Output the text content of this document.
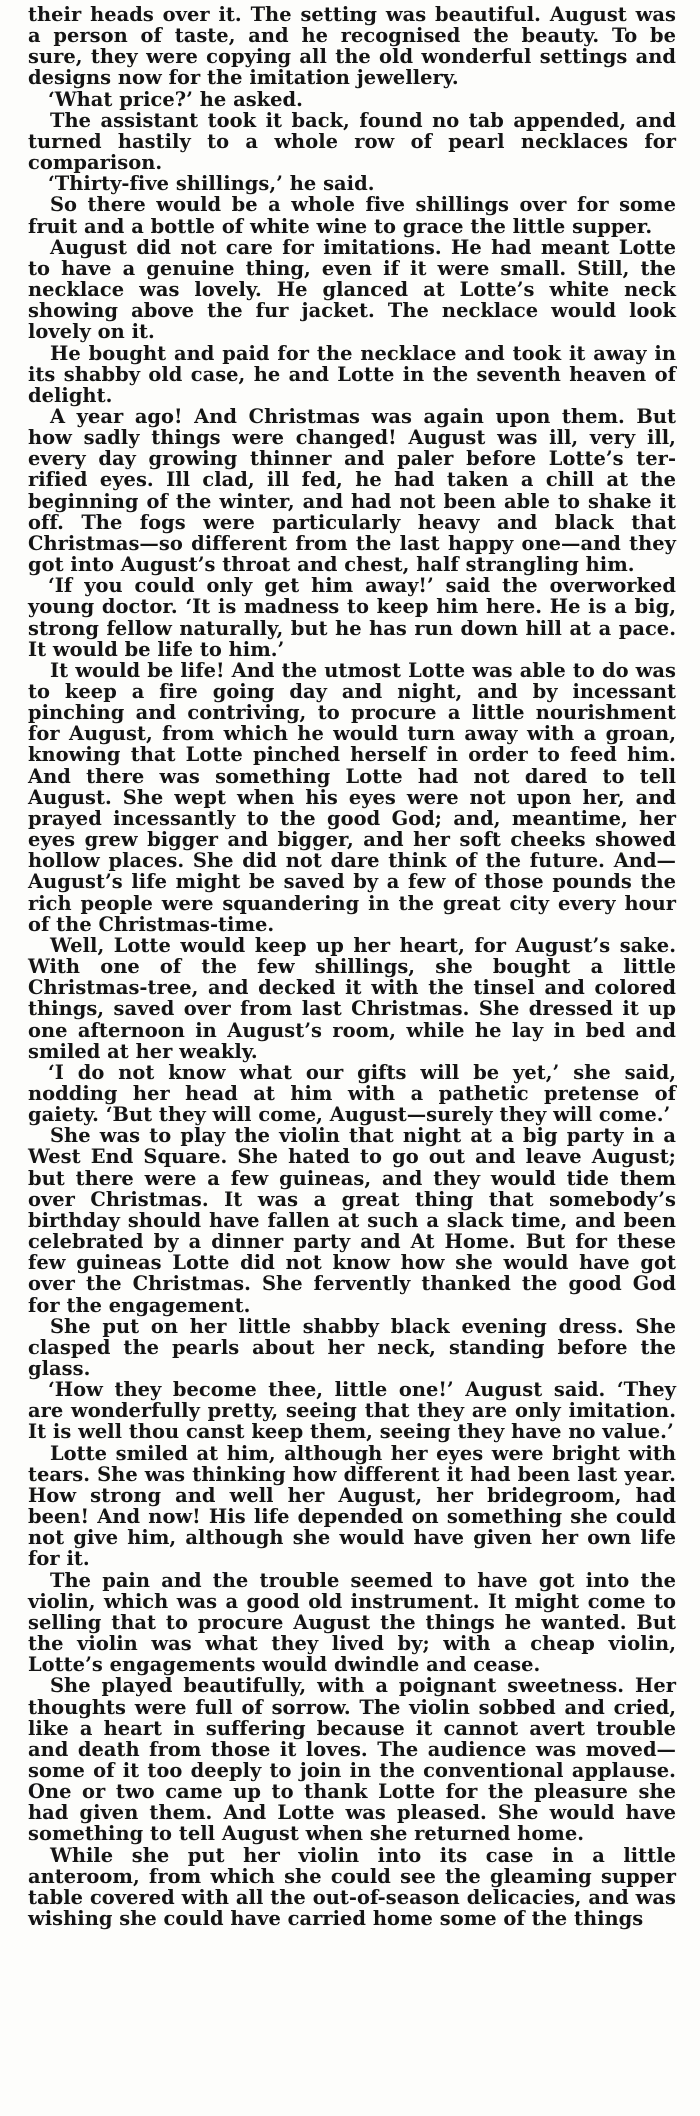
their heads over it. The setting was beautiful. August was a person of taste, and he recognised the beauty. To be sure, they were copying all the old wonderful settings and designs now for the imitation jewellery.

‘What price?’ he asked.

The assistant took it back, found no tab appended, and turned hastily to a whole row of pearl necklaces for comparison.

‘Thirty-five shillings,’ he said.

So there would be a whole five shillings over for some fruit and a bottle of white wine to grace the little supper.

August did not care for imitations. He had meant Lotte to have a genuine thing, even if it were small. Still, the necklace was lovely. He glanced at Lotte’s white neck showing above the fur jacket. The necklace would look lovely on it.

He bought and paid for the necklace and took it away in its shabby old case, he and Lotte in the seventh heaven of delight.

A year ago! And Christmas was again upon them. But how sadly things were changed! August was ill, very ill, every day growing thinner and paler before Lotte’s terrified eyes. Ill clad, ill fed, he had taken a chill at the beginning of the winter, and had not been able to shake it off. The fogs were particularly heavy and black that Christmas—so different from the last happy one—and they got into August’s throat and chest, half strangling him.

‘If you could only get him away!’ said the overworked young doctor. ‘It is madness to keep him here. He is a big, strong fellow naturally, but he has run down hill at a pace. It would be life to him.’

It would be life! And the utmost Lotte was able to do was to keep a fire going day and night, and by incessant pinching and contriving, to procure a little nourishment for August, from which he would turn away with a groan, knowing that Lotte pinched herself in order to feed him. And there was something Lotte had not dared to tell August. She wept when his eyes were not upon her, and prayed incessantly to the good God; and, meantime, her eyes grew bigger and bigger, and her soft cheeks showed hollow places. She did not dare think of the future. And—August’s life might be saved by a few of those pounds the rich people were squandering in the great city every hour of the Christmas-time.

Well, Lotte would keep up her heart, for August’s sake. With one of the few shillings, she bought a little Christmas-tree, and decked it with the tinsel and colored things, saved over from last Christmas. She dressed it up one afternoon in August’s room, while he lay in bed and smiled at her weakly.

‘I do not know what our gifts will be yet,’ she said, nodding her head at him with a pathetic pretense of gaiety. ‘But they will come, August—surely they will come.’

She was to play the violin that night at a big party in a West End Square. She hated to go out and leave August; but there were a few guineas, and they would tide them over Christmas. It was a great thing that somebody’s birthday should have fallen at such a slack time, and been celebrated by a dinner party and At Home. But for these few guineas Lotte did not know how she would have got over the Christmas. She fervently thanked the good God for the engagement.

She put on her little shabby black evening dress. She clasped the pearls about her neck, standing before the glass.

‘How they become thee, little one!’ August said. ‘They are wonderfully pretty, seeing that they are only imitation. It is well thou canst keep them, seeing they have no value.’

Lotte smiled at him, although her eyes were bright with tears. She was thinking how different it had been last year. How strong and well her August, her bridegroom, had been! And now! His life depended on something she could not give him, although she would have given her own life for it.

The pain and the trouble seemed to have got into the violin, which was a good old instrument. It might come to selling that to procure August the things he wanted. But the violin was what they lived by; with a cheap violin, Lotte’s engagements would dwindle and cease.

She played beautifully, with a poignant sweetness. Her thoughts were full of sorrow. The violin sobbed and cried, like a heart in suffering because it cannot avert trouble and death from those it loves. The audience was moved—some of it too deeply to join in the conventional applause. One or two came up to thank Lotte for the pleasure she had given them. And Lotte was pleased. She would have something to tell August when she returned home.

While she put her violin into its case in a little anteroom, from which she could see the gleaming supper table covered with all the out-of-season delicacies, and was wishing she could have carried home some of the things
